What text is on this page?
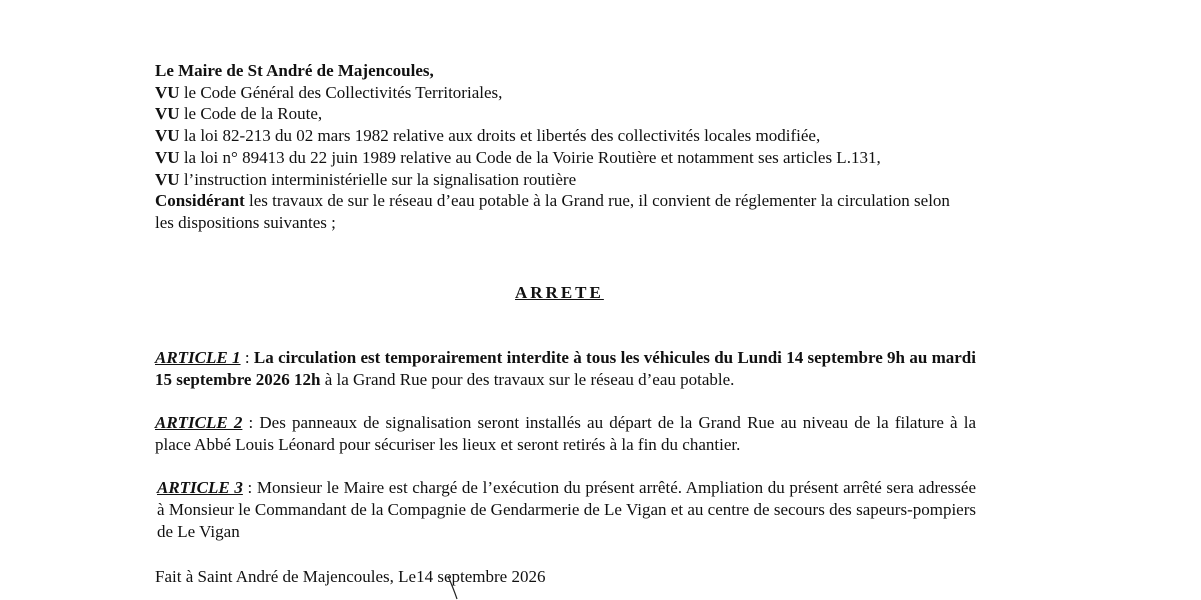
Le Maire de St André de Majencoules,

VU le Code Général des Collectivités Territoriales,

VU le Code de la Route,

VU la loi 82-213 du 02 mars 1982 relative aux droits et libertés des collectivités locales modifiée,

VU la loi n° 89413 du 22 juin 1989 relative au Code de la Voirie Routière et notamment ses articles L.131,

VU l’instruction interministérielle sur la signalisation routière

Considérant les travaux de sur le réseau d’eau potable à la Grand rue, il convient de réglementer la circulation selon les dispositions suivantes ;

ARRETE
ARTICLE 1 : La circulation est temporairement interdite à tous les véhicules du Lundi 14 septembre 9h au mardi 15 septembre 2026 12h à la Grand Rue pour des travaux sur le réseau d’eau potable.
ARTICLE 2 : Des panneaux de signalisation seront installés au départ de la Grand Rue au niveau de la filature à la place Abbé Louis Léonard pour sécuriser les lieux et seront retirés à la fin du chantier.
ARTICLE 3 : Monsieur le Maire est chargé de l’exécution du présent arrêté. Ampliation du présent arrêté sera adressée à Monsieur le Commandant de la Compagnie de Gendarmerie de Le Vigan et au centre de secours des sapeurs-pompiers de Le Vigan
Fait à Saint André de Majencoules, Le14 septembre 2026
